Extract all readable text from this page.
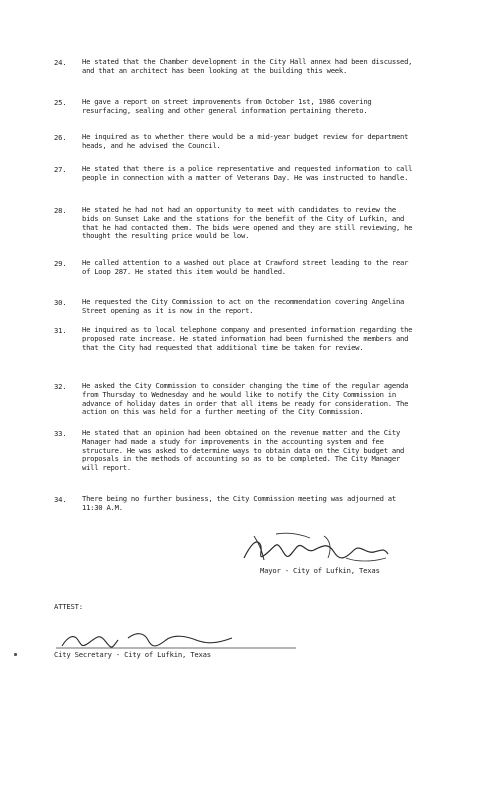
24.	He stated that the Chamber development in the City Hall annex had been discussed, and that an architect has been looking at the building this week.
25.	He gave a report on street improvements from October 1st, 1986 covering resurfacing, sealing and other general information pertaining thereto.
26.	He inquired as to whether there would be a mid-year budget review for department heads, and he advised the Council.
27.	He stated that there is a police representative and requested information to call people in connection with a matter of Veterans Day. He was instructed to handle.
28.	He stated he had not had an opportunity to meet with candidates to review the bids on Sunset Lake and the stations for the benefit of the City of Lufkin, and that he had contacted them. The bids were opened and they are still reviewing, he thought the resulting price would be low.
29.	He called attention to a washed out place at Crawford street leading to the rear of Loop 287. He stated this item would be handled.
30.	He requested the City Commission to act on the recommendation covering Angelina Street opening as it is now in the report.
31.	He inquired as to local telephone company and presented information regarding the proposed rate increase. He stated information had been furnished the members and that the City had requested that additional time be taken for review.
32.	He asked the City Commission to consider changing the time of the regular agenda from Thursday to Wednesday and he would like to notify the City Commission in advance of holiday dates in order that all items be ready for consideration. The action on this was held for a further meeting of the City Commission.
33.	He stated that an opinion had been obtained on the revenue matter and the City Manager had made a study for improvements in the accounting system and fee structure. He was asked to determine ways to obtain data on the City budget and proposals in the methods of accounting so as to be completed. The City Manager will report.
34.	There being no further business, the City Commission meeting was adjourned at 11:30 A.M.
Mayor - City of Lufkin, Texas
ATTEST:
City Secretary - City of Lufkin, Texas
